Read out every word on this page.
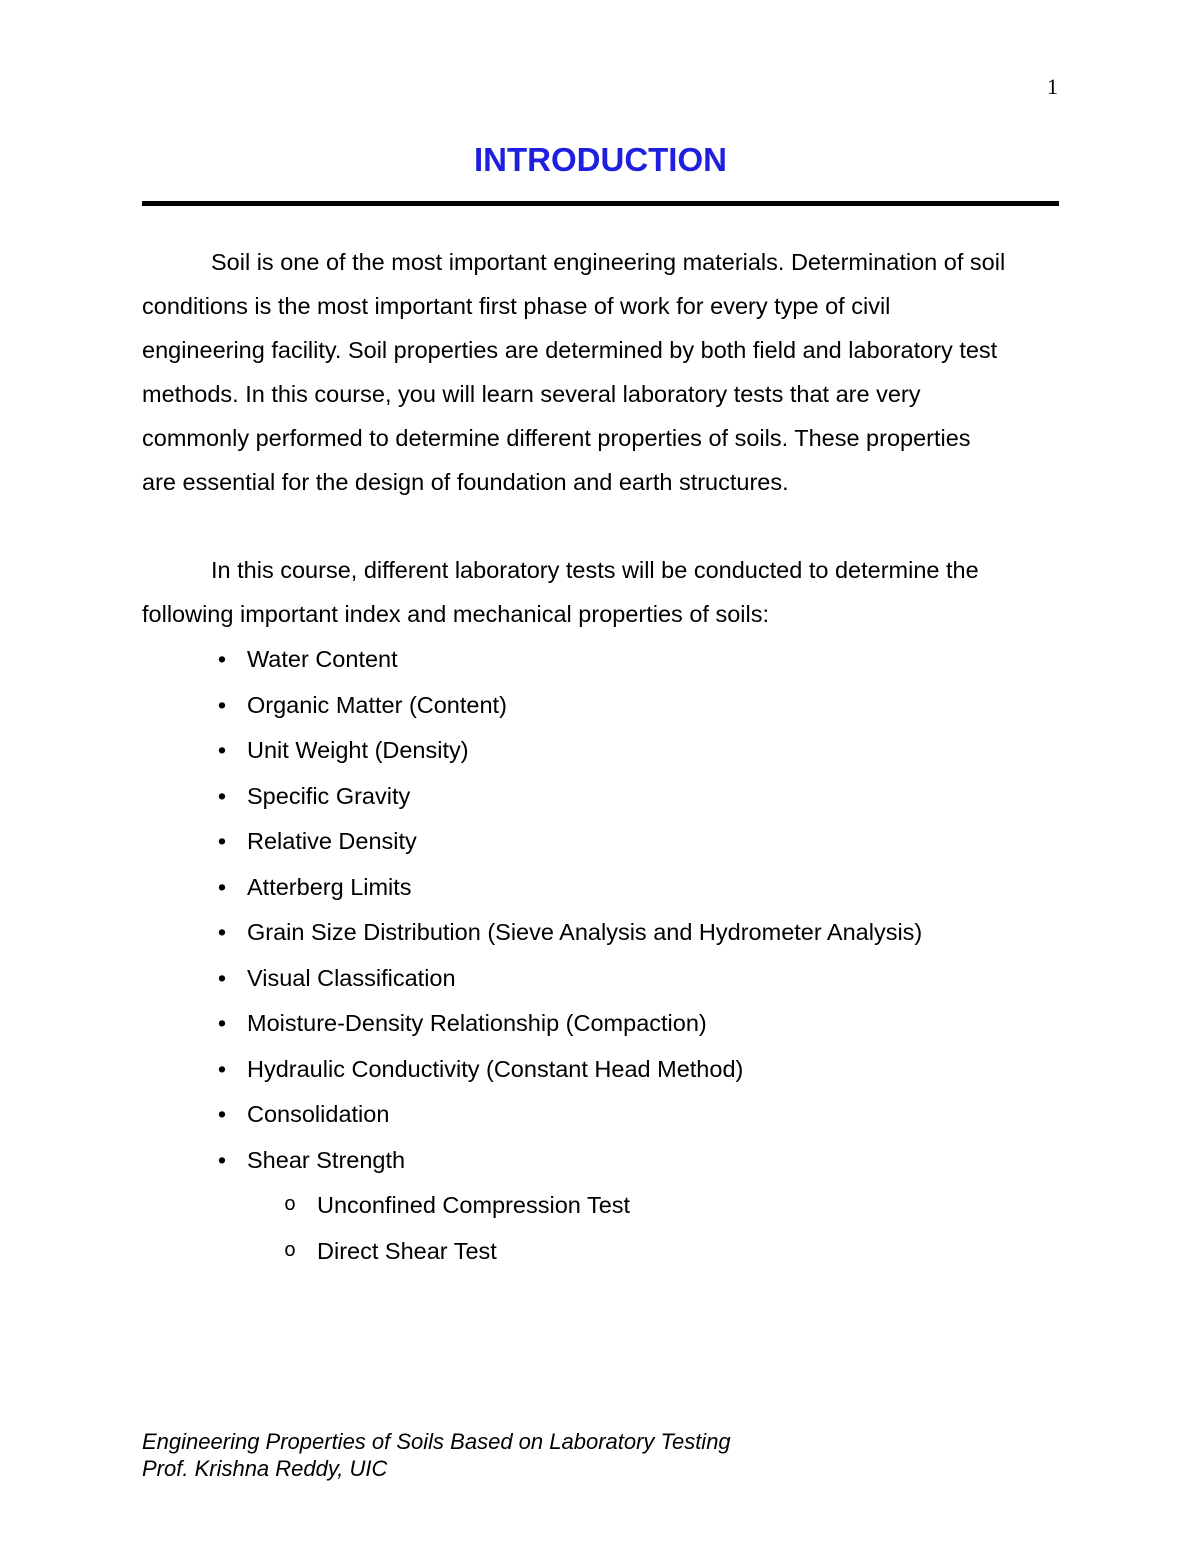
1
INTRODUCTION

Soil is one of the most important engineering materials. Determination of soil
conditions is the most important first phase of work for every type of civil
engineering facility. Soil properties are determined by both field and laboratory test
methods. In this course, you will learn several laboratory tests that are very
commonly performed to determine different properties of soils. These properties
are essential for the design of foundation and earth structures.

In this course, different laboratory tests will be conducted to determine the
following important index and mechanical properties of soils:

• Water Content
• Organic Matter (Content)
• Unit Weight (Density)
• Specific Gravity
• Relative Density
• Atterberg Limits
• Grain Size Distribution (Sieve Analysis and Hydrometer Analysis)
• Visual Classification
• Moisture-Density Relationship (Compaction)
• Hydraulic Conductivity (Constant Head Method)
• Consolidation
• Shear Strength
o Unconfined Compression Test
o Direct Shear Test
Engineering Properties of Soils Based on Laboratory Testing
Prof. Krishna Reddy, UIC
